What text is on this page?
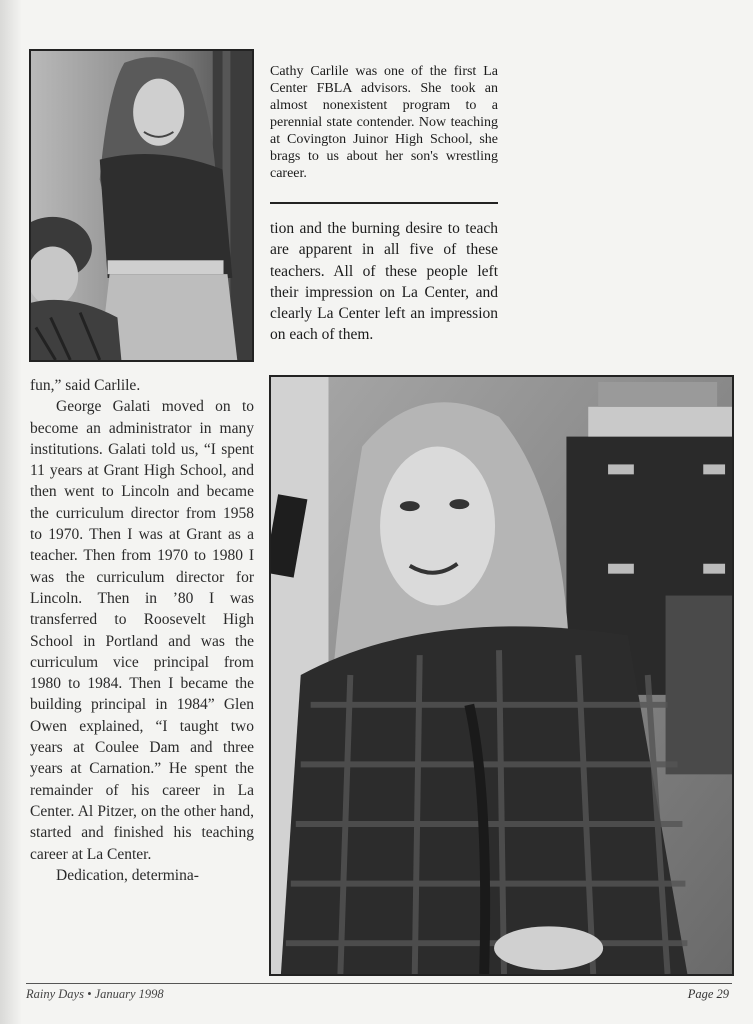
Cathy Carlile was one of the first La Center FBLA advisors. She took an almost nonexistent program to a perennial state contender. Now teaching at Covington Juinor High School, she brags to us about her son's wrestling career.

tion and the burning desire to teach are apparent in all five of these teachers. All of these people left their impression on La Center, and clearly La Center left an impression on each of them.

fun,” said Carlile.

George Galati moved on to become an administrator in many institutions. Galati told us, “I spent 11 years at Grant High School, and then went to Lincoln and became the curriculum director from 1958 to 1970. Then I was at Grant as a teacher. Then from 1970 to 1980 I was the curriculum director for Lincoln. Then in ’80 I was transferred to Roosevelt High School in Portland and was the curriculum vice principal from 1980 to 1984. Then I became the building principal in 1984” Glen Owen explained, “I taught two years at Coulee Dam and three years at Carnation.” He spent the remainder of his career in La Center. Al Pitzer, on the other hand, started and finished his teaching career at La Center.

Dedication, determina-

Rainy Days • January 1998	Page 29
